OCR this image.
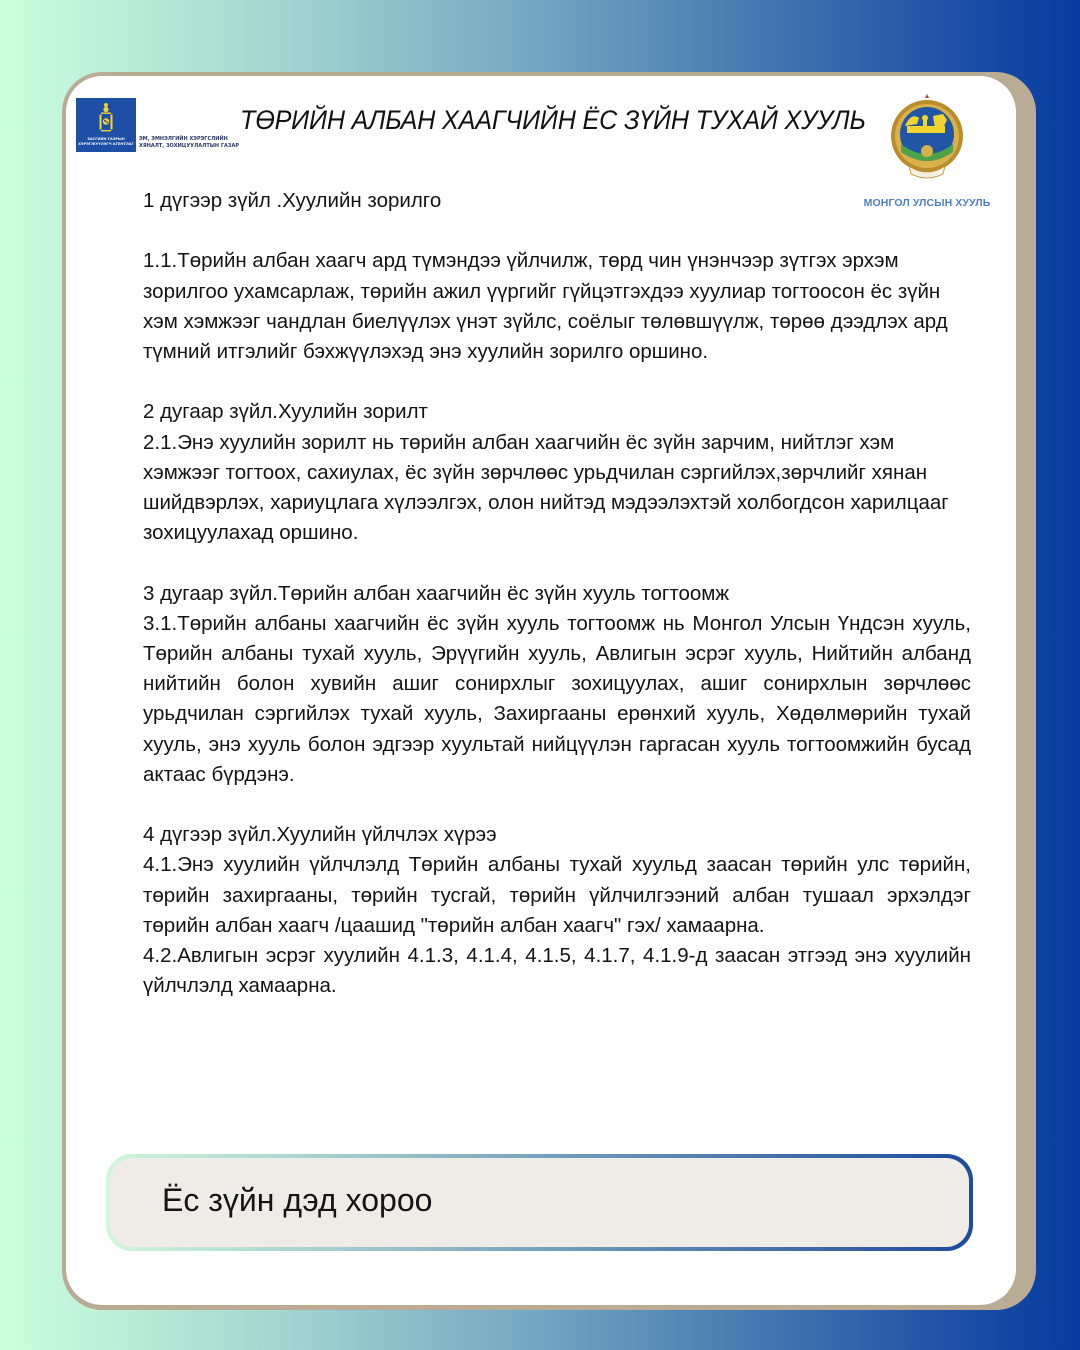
ЗАСГИЙН ГАЗРЫН ХЭРЭГЖҮҮЛЭГЧ АГЕНТЛАГ
ЭМ, ЭМНЭЛГИЙН ХЭРЭГСЛИЙН ХЯНАЛТ, ЗОХИЦУУЛАЛТЫН ГАЗАР
ТӨРИЙН АЛБАН ХААГЧИЙН ЁС ЗҮЙН ТУХАЙ ХУУЛЬ
МОНГОЛ УЛСЫН ХУУЛЬ

1 дүгээр зүйл .Хуулийн зорилго

1.1.Төрийн албан хаагч ард түмэндээ үйлчилж, төрд чин үнэнчээр зүтгэх эрхэм зорилгоо ухамсарлаж, төрийн ажил үүргийг гүйцэтгэхдээ хуулиар тогтоосон ёс зүйн хэм хэмжээг чандлан биелүүлэх үнэт зүйлс, соёлыг төлөвшүүлж, төрөө дээдлэх ард түмний итгэлийг бэхжүүлэхэд энэ хуулийн зорилго оршино.

2 дугаар зүйл.Хуулийн зорилт

2.1.Энэ хуулийн зорилт нь төрийн албан хаагчийн ёс зүйн зарчим, нийтлэг хэм хэмжээг тогтоох, сахиулах, ёс зүйн зөрчлөөс урьдчилан сэргийлэх,зөрчлийг хянан шийдвэрлэх, хариуцлага хүлээлгэх, олон нийтэд мэдээлэхтэй холбогдсон харилцааг зохицуулахад оршино.

3 дугаар зүйл.Төрийн албан хаагчийн ёс зүйн хууль тогтоомж

3.1.Төрийн албаны хаагчийн ёс зүйн хууль тогтоомж нь Монгол Улсын Үндсэн хууль, Төрийн албаны тухай хууль, Эрүүгийн хууль, Авлигын эсрэг хууль, Нийтийн албанд нийтийн болон хувийн ашиг сонирхлыг зохицуулах, ашиг сонирхлын зөрчлөөс урьдчилан сэргийлэх тухай хууль, Захиргааны ерөнхий хууль, Хөдөлмөрийн тухай хууль, энэ хууль болон эдгээр хуультай нийцүүлэн гаргасан хууль тогтоомжийн бусад актаас бүрдэнэ.

4 дүгээр зүйл.Хуулийн үйлчлэх хүрээ

4.1.Энэ хуулийн үйлчлэлд Төрийн албаны тухай хуульд заасан төрийн улс төрийн, төрийн захиргааны, төрийн тусгай, төрийн үйлчилгээний албан тушаал эрхэлдэг төрийн албан хаагч /цаашид "төрийн албан хаагч" гэх/ хамаарна.

4.2.Авлигын эсрэг хуулийн 4.1.3, 4.1.4, 4.1.5, 4.1.7, 4.1.9-д заасан этгээд энэ хуулийн үйлчлэлд хамаарна.

Ёс зүйн дэд хороо
